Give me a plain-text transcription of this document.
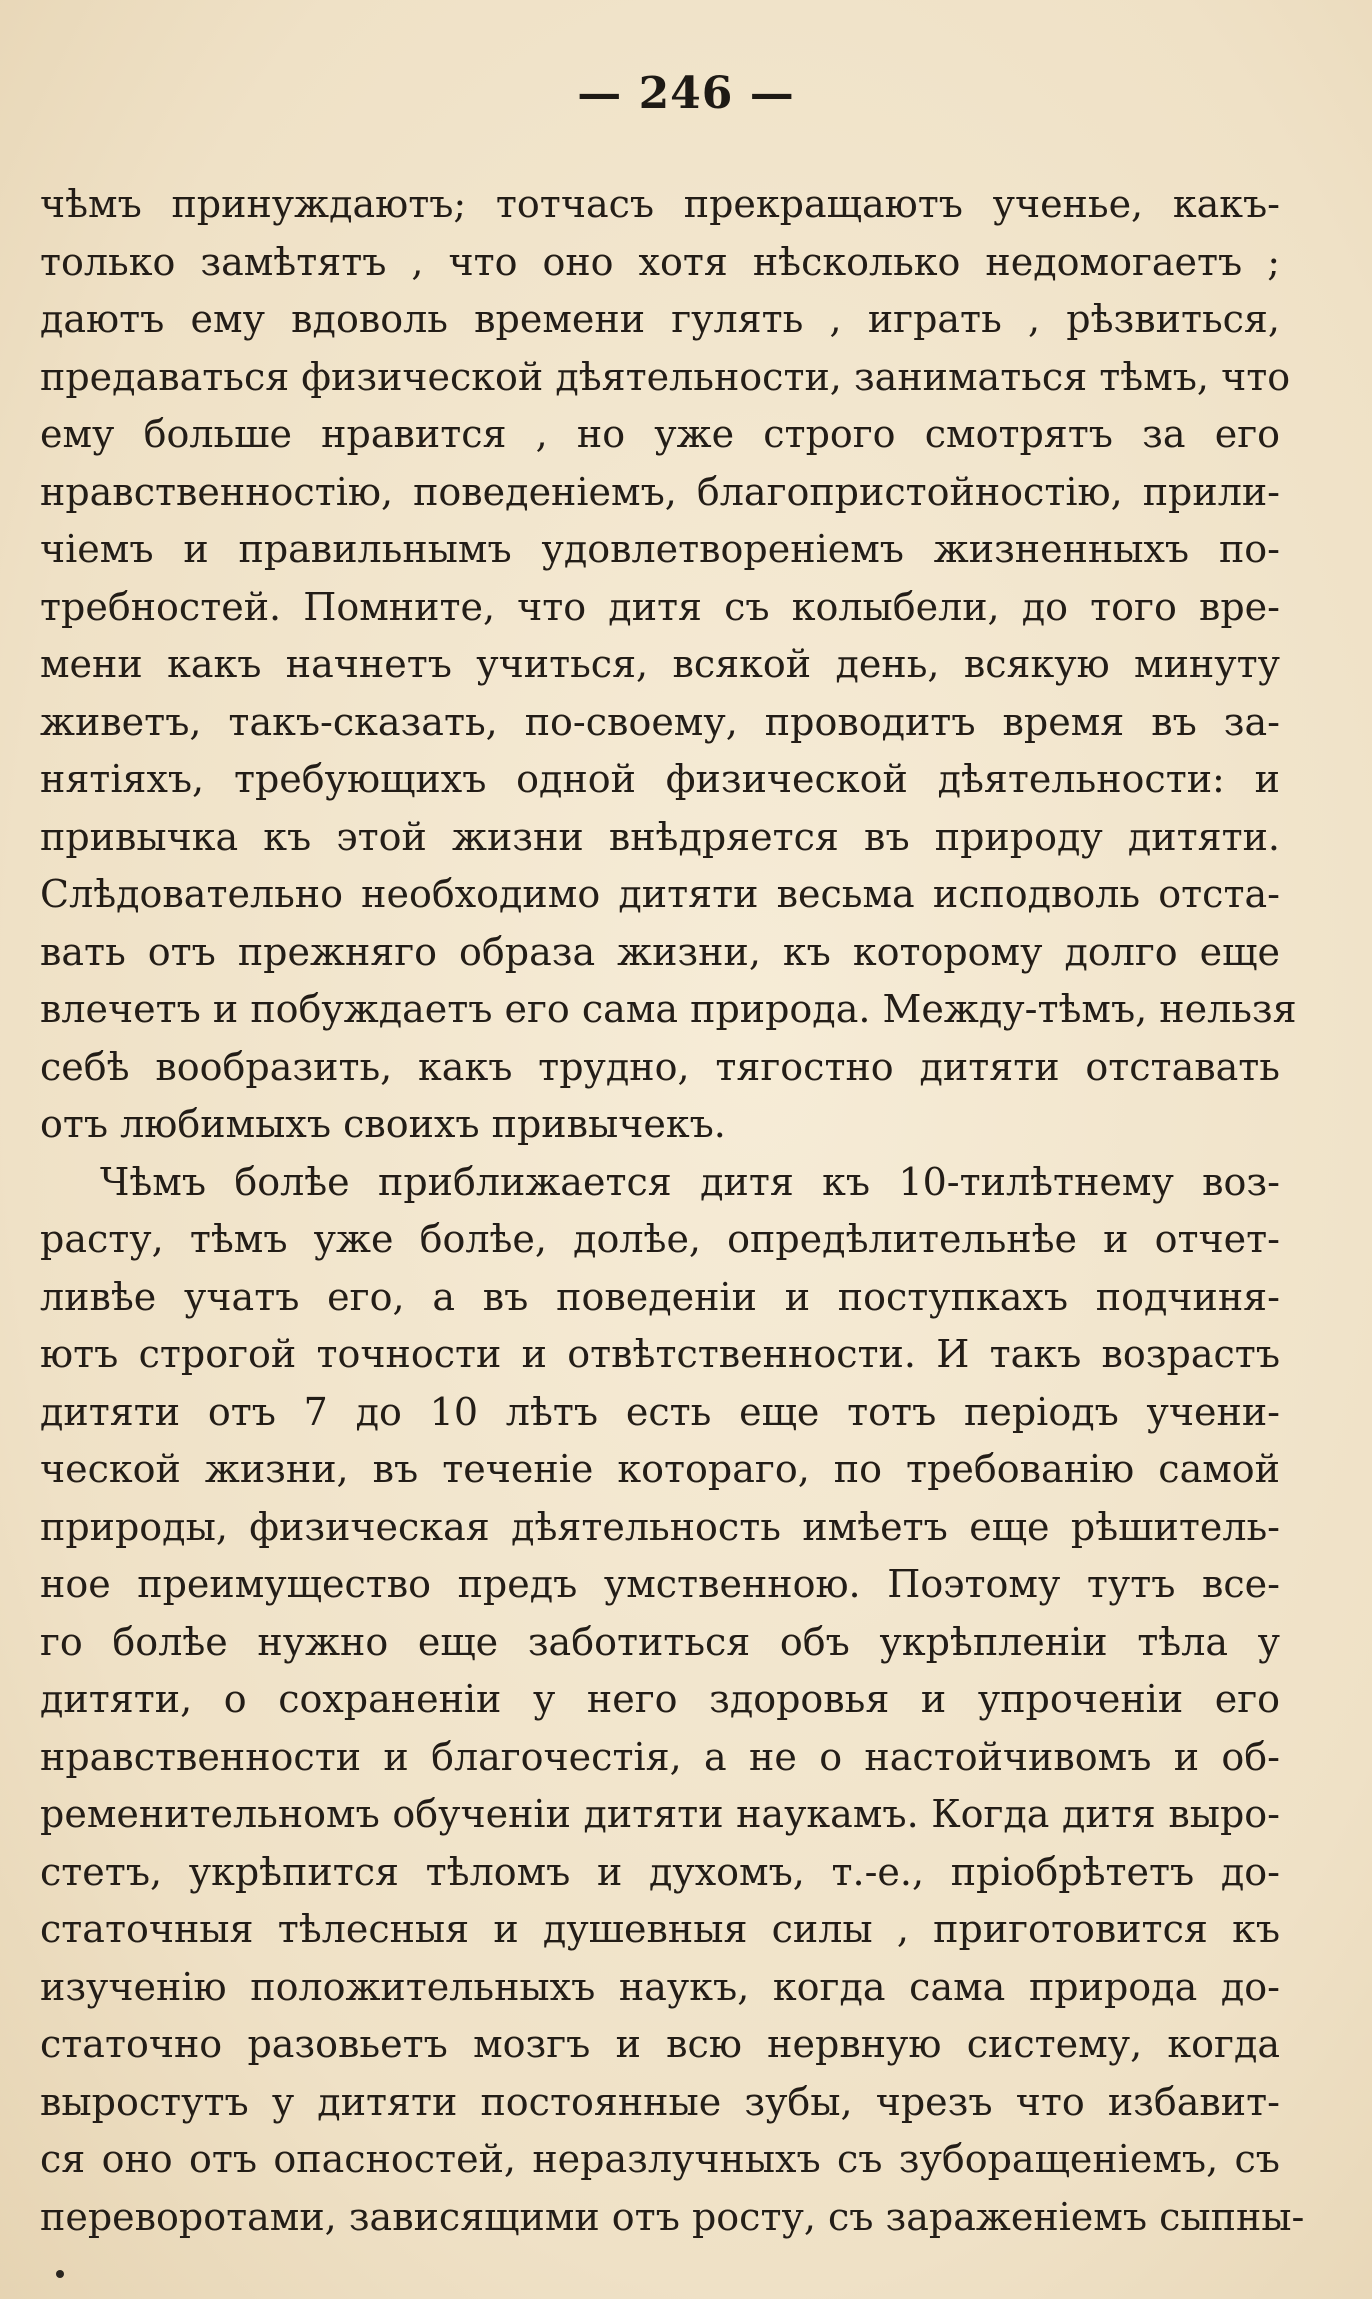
— 246 —
чѣмъ принуждаютъ; тотчасъ прекращаютъ ученье, какъ-
только замѣтятъ , что оно хотя нѣсколько недомогаетъ ;
даютъ ему вдоволь времени гулять , играть , рѣзвиться,
предаваться физической дѣятельности, заниматься тѣмъ, что
ему больше нравится , но уже строго смотрятъ за его
нравственностію, поведеніемъ, благопристойностію, прили-
чіемъ и правильнымъ удовлетвореніемъ жизненныхъ по-
требностей. Помните, что дитя съ колыбели, до того вре-
мени какъ начнетъ учиться, всякой день, всякую минуту
живетъ, такъ-сказать, по-своему, проводитъ время въ за-
нятіяхъ, требующихъ одной физической дѣятельности: и
привычка къ этой жизни внѣдряется въ природу дитяти.
Слѣдовательно необходимо дитяти весьма исподволь отста-
вать отъ прежняго образа жизни, къ которому долго еще
влечетъ и побуждаетъ его сама природа. Между-тѣмъ, нельзя
себѣ вообразить, какъ трудно, тягостно дитяти отставать
отъ любимыхъ своихъ привычекъ.
Чѣмъ болѣе приближается дитя къ 10-тилѣтнему воз-
расту, тѣмъ уже болѣе, долѣе, опредѣлительнѣе и отчет-
ливѣе учатъ его, а въ поведеніи и поступкахъ подчиня-
ютъ строгой точности и отвѣтственности. И такъ возрастъ
дитяти отъ 7 до 10 лѣтъ есть еще тотъ періодъ учени-
ческой жизни, въ теченіе котораго, по требованію самой
природы, физическая дѣятельность имѣетъ еще рѣшитель-
ное преимущество предъ умственною. Поэтому тутъ все-
го болѣе нужно еще заботиться объ укрѣпленіи тѣла у
дитяти, о сохраненіи у него здоровья и упроченіи его
нравственности и благочестія, а не о настойчивомъ и об-
ременительномъ обученіи дитяти наукамъ. Когда дитя выро-
стетъ, укрѣпится тѣломъ и духомъ, т.-е., пріобрѣтетъ до-
статочныя тѣлесныя и душевныя силы , приготовится къ
изученію положительныхъ наукъ, когда сама природа до-
статочно разовьетъ мозгъ и всю нервную систему, когда
выростутъ у дитяти постоянные зубы, чрезъ что избавит-
ся оно отъ опасностей, неразлучныхъ съ зуборащеніемъ, съ
переворотами, зависящими отъ росту, съ зараженіемъ сыпны-
